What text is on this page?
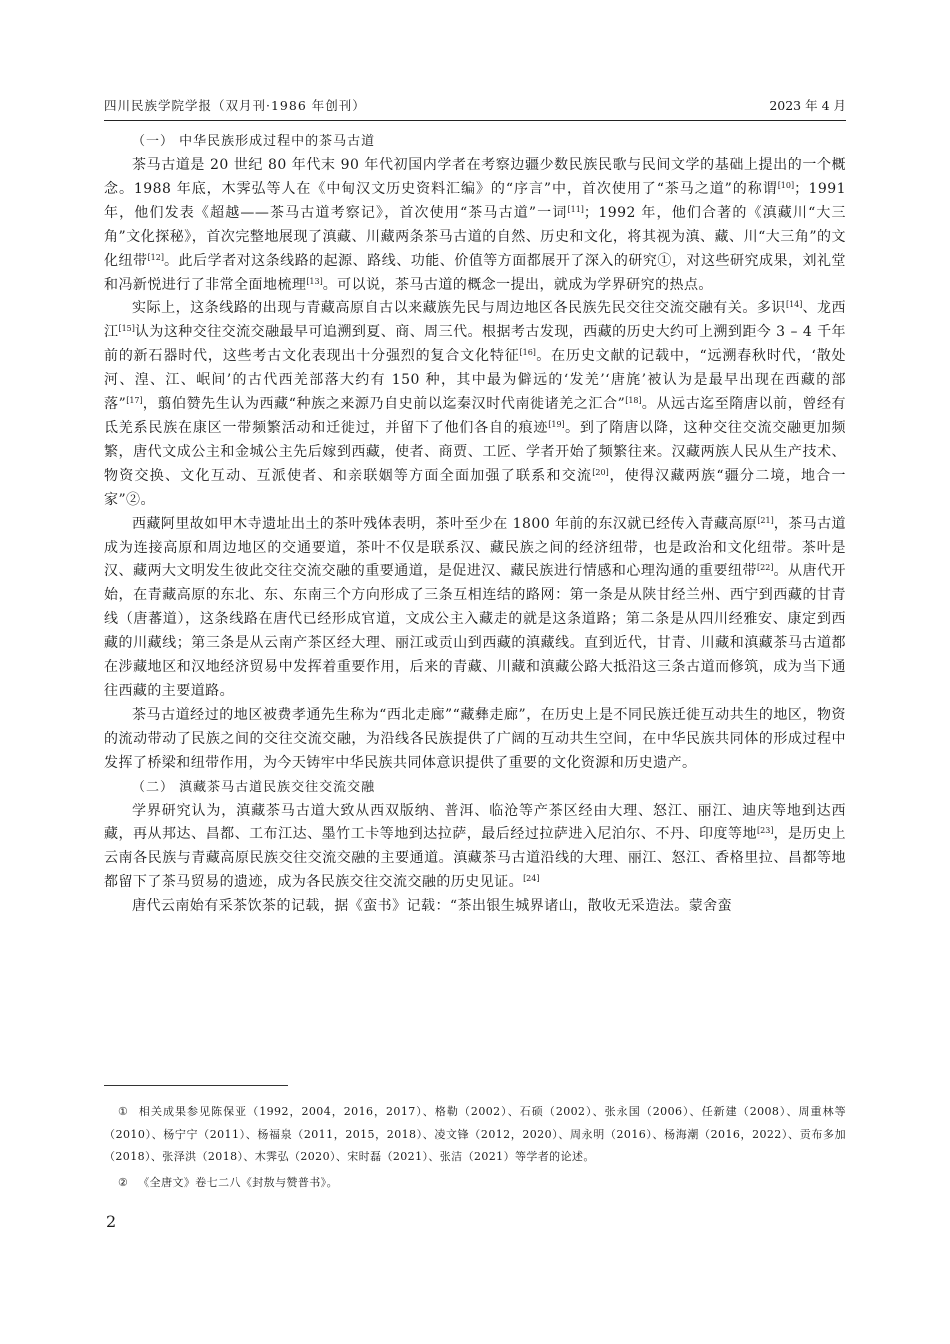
四川民族学院学报（双月刊·1986 年创刊）	2023 年 4 月

（一） 中华民族形成过程中的茶马古道

茶马古道是 20 世纪 80 年代末 90 年代初国内学者在考察边疆少数民族民歌与民间文学的基础上提出的一个概念。1988 年底，木霁弘等人在《中甸汉文历史资料汇编》的“序言”中，首次使用了“茶马之道”的称谓[10]；1991 年，他们发表《超越——茶马古道考察记》，首次使用“茶马古道”一词[11]；1992 年，他们合著的《滇藏川“大三角”文化探秘》，首次完整地展现了滇藏、川藏两条茶马古道的自然、历史和文化，将其视为滇、藏、川“大三角”的文化纽带[12]。此后学者对这条线路的起源、路线、功能、价值等方面都展开了深入的研究①，对这些研究成果，刘礼堂和冯新悦进行了非常全面地梳理[13]。可以说，茶马古道的概念一提出，就成为学界研究的热点。

实际上，这条线路的出现与青藏高原自古以来藏族先民与周边地区各民族先民交往交流交融有关。多识[14]、龙西江[15]认为这种交往交流交融最早可追溯到夏、商、周三代。根据考古发现，西藏的历史大约可上溯到距今 3 – 4 千年前的新石器时代，这些考古文化表现出十分强烈的复合文化特征[16]。在历史文献的记载中，“远溯春秋时代，‘散处河、湟、江、岷间’的古代西羌部落大约有 150 种，其中最为僻远的‘发羌’‘唐旄’被认为是最早出现在西藏的部落”[17]，翦伯赞先生认为西藏“种族之来源乃自史前以迄秦汉时代南徙诸羌之汇合”[18]。从远古迄至隋唐以前，曾经有氐羌系民族在康区一带频繁活动和迁徙过，并留下了他们各自的痕迹[19]。到了隋唐以降，这种交往交流交融更加频繁，唐代文成公主和金城公主先后嫁到西藏，使者、商贾、工匠、学者开始了频繁往来。汉藏两族人民从生产技术、物资交换、文化互动、互派使者、和亲联姻等方面全面加强了联系和交流[20]，使得汉藏两族“疆分二境，地合一家”②。

西藏阿里故如甲木寺遗址出土的茶叶残体表明，茶叶至少在 1800 年前的东汉就已经传入青藏高原[21]，茶马古道成为连接高原和周边地区的交通要道，茶叶不仅是联系汉、藏民族之间的经济纽带，也是政治和文化纽带。茶叶是汉、藏两大文明发生彼此交往交流交融的重要通道，是促进汉、藏民族进行情感和心理沟通的重要纽带[22]。从唐代开始，在青藏高原的东北、东、东南三个方向形成了三条互相连结的路网：第一条是从陕甘经兰州、西宁到西藏的甘青线（唐蕃道），这条线路在唐代已经形成官道，文成公主入藏走的就是这条道路；第二条是从四川经雅安、康定到西藏的川藏线；第三条是从云南产茶区经大理、丽江或贡山到西藏的滇藏线。直到近代，甘青、川藏和滇藏茶马古道都在涉藏地区和汉地经济贸易中发挥着重要作用，后来的青藏、川藏和滇藏公路大抵沿这三条古道而修筑，成为当下通往西藏的主要道路。

茶马古道经过的地区被费孝通先生称为“西北走廊”“藏彝走廊”，在历史上是不同民族迁徙互动共生的地区，物资的流动带动了民族之间的交往交流交融，为沿线各民族提供了广阔的互动共生空间，在中华民族共同体的形成过程中发挥了桥梁和纽带作用，为今天铸牢中华民族共同体意识提供了重要的文化资源和历史遗产。

（二） 滇藏茶马古道民族交往交流交融

学界研究认为，滇藏茶马古道大致从西双版纳、普洱、临沧等产茶区经由大理、怒江、丽江、迪庆等地到达西藏，再从邦达、昌都、工布江达、墨竹工卡等地到达拉萨，最后经过拉萨进入尼泊尔、不丹、印度等地[23]，是历史上云南各民族与青藏高原民族交往交流交融的主要通道。滇藏茶马古道沿线的大理、丽江、怒江、香格里拉、昌都等地都留下了茶马贸易的遗迹，成为各民族交往交流交融的历史见证。[24]

唐代云南始有采茶饮茶的记载，据《蛮书》记载：“茶出银生城界诸山，散收无采造法。蒙舍蛮

① 相关成果参见陈保亚（1992，2004，2016，2017）、格勒（2002）、石硕（2002）、张永国（2006）、任新建（2008）、周重林等（2010）、杨宁宁（2011）、杨福泉（2011，2015，2018）、凌文锋（2012，2020）、周永明（2016）、杨海潮（2016，2022）、贡布多加（2018）、张泽洪（2018）、木霁弘（2020）、宋时磊（2021）、张洁（2021）等学者的论述。

② 《全唐文》卷七二八《封敖与赞普书》。

2
